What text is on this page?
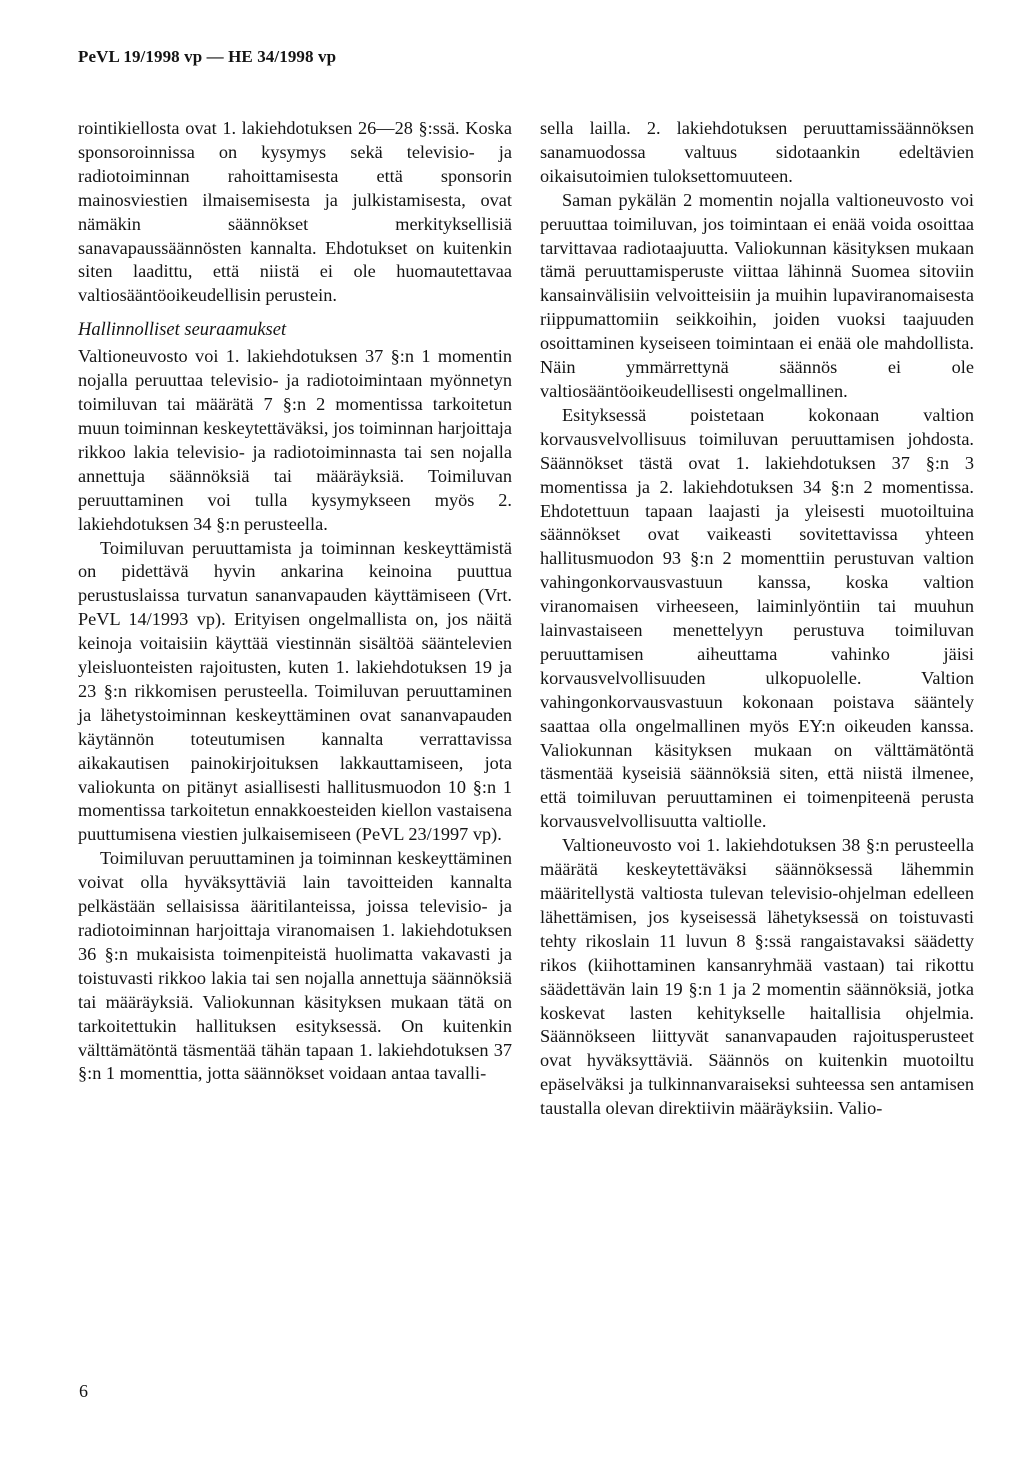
PeVL 19/1998 vp — HE 34/1998 vp

rointikiellosta ovat 1. lakiehdotuksen 26—28 §:ssä. Koska sponsoroinnissa on kysymys sekä televisio- ja radiotoiminnan rahoittamisesta että sponsorin mainosviestien ilmaisemisesta ja julkistamisesta, ovat nämäkin säännökset merkityksellisiä sanavapaussäännösten kannalta. Ehdotukset on kuitenkin siten laadittu, että niistä ei ole huomautettavaa valtiosääntöoikeudellisin perustein.

Hallinnolliset seuraamukset

Valtioneuvosto voi 1. lakiehdotuksen 37 §:n 1 momentin nojalla peruuttaa televisio- ja radiotoimintaan myönnetyn toimiluvan tai määrätä 7 §:n 2 momentissa tarkoitetun muun toiminnan keskeytettäväksi, jos toiminnan harjoittaja rikkoo lakia televisio- ja radiotoiminnasta tai sen nojalla annettuja säännöksiä tai määräyksiä. Toimiluvan peruuttaminen voi tulla kysymykseen myös 2. lakiehdotuksen 34 §:n perusteella.

Toimiluvan peruuttamista ja toiminnan keskeyttämistä on pidettävä hyvin ankarina keinoina puuttua perustuslaissa turvatun sananvapauden käyttämiseen (Vrt. PeVL 14/1993 vp). Erityisen ongelmallista on, jos näitä keinoja voitaisiin käyttää viestinnän sisältöä sääntelevien yleisluonteisten rajoitusten, kuten 1. lakiehdotuksen 19 ja 23 §:n rikkomisen perusteella. Toimiluvan peruuttaminen ja lähetystoiminnan keskeyttäminen ovat sananvapauden käytännön toteutumisen kannalta verrattavissa aikakautisen painokirjoituksen lakkauttamiseen, jota valiokunta on pitänyt asiallisesti hallitusmuodon 10 §:n 1 momentissa tarkoitetun ennakkoesteiden kiellon vastaisena puuttumisena viestien julkaisemiseen (PeVL 23/1997 vp).

Toimiluvan peruuttaminen ja toiminnan keskeyttäminen voivat olla hyväksyttäviä lain tavoitteiden kannalta pelkästään sellaisissa ääritilanteissa, joissa televisio- ja radiotoiminnan harjoittaja viranomaisen 1. lakiehdotuksen 36 §:n mukaisista toimenpiteistä huolimatta vakavasti ja toistuvasti rikkoo lakia tai sen nojalla annettuja säännöksiä tai määräyksiä. Valiokunnan käsityksen mukaan tätä on tarkoitettukin hallituksen esityksessä. On kuitenkin välttämätöntä täsmentää tähän tapaan 1. lakiehdotuksen 37 §:n 1 momenttia, jotta säännökset voidaan antaa tavalli-

sella lailla. 2. lakiehdotuksen peruuttamissäännöksen sanamuodossa valtuus sidotaankin edeltävien oikaisutoimien tuloksettomuuteen.

Saman pykälän 2 momentin nojalla valtioneuvosto voi peruuttaa toimiluvan, jos toimintaan ei enää voida osoittaa tarvittavaa radiotaajuutta. Valiokunnan käsityksen mukaan tämä peruuttamisperuste viittaa lähinnä Suomea sitoviin kansainvälisiin velvoitteisiin ja muihin lupaviranomaisesta riippumattomiin seikkoihin, joiden vuoksi taajuuden osoittaminen kyseiseen toimintaan ei enää ole mahdollista. Näin ymmärrettynä säännös ei ole valtiosääntöoikeudellisesti ongelmallinen.

Esityksessä poistetaan kokonaan valtion korvausvelvollisuus toimiluvan peruuttamisen johdosta. Säännökset tästä ovat 1. lakiehdotuksen 37 §:n 3 momentissa ja 2. lakiehdotuksen 34 §:n 2 momentissa. Ehdotettuun tapaan laajasti ja yleisesti muotoiltuina säännökset ovat vaikeasti sovitettavissa yhteen hallitusmuodon 93 §:n 2 momenttiin perustuvan valtion vahingonkorvausvastuun kanssa, koska valtion viranomaisen virheeseen, laiminlyöntiin tai muuhun lainvastaiseen menettelyyn perustuva toimiluvan peruuttamisen aiheuttama vahinko jäisi korvausvelvollisuuden ulkopuolelle. Valtion vahingonkorvausvastuun kokonaan poistava sääntely saattaa olla ongelmallinen myös EY:n oikeuden kanssa. Valiokunnan käsityksen mukaan on välttämätöntä täsmentää kyseisiä säännöksiä siten, että niistä ilmenee, että toimiluvan peruuttaminen ei toimenpiteenä perusta korvausvelvollisuutta valtiolle.

Valtioneuvosto voi 1. lakiehdotuksen 38 §:n perusteella määrätä keskeytettäväksi säännöksessä lähemmin määritellystä valtiosta tulevan televisio-ohjelman edelleen lähettämisen, jos kyseisessä lähetyksessä on toistuvasti tehty rikoslain 11 luvun 8 §:ssä rangaistavaksi säädetty rikos (kiihottaminen kansanryhmää vastaan) tai rikottu säädettävän lain 19 §:n 1 ja 2 momentin säännöksiä, jotka koskevat lasten kehitykselle haitallisia ohjelmia. Säännökseen liittyvät sananvapauden rajoitusperusteet ovat hyväksyttäviä. Säännös on kuitenkin muotoiltu epäselväksi ja tulkinnanvaraiseksi suhteessa sen antamisen taustalla olevan direktiivin määräyksiin. Valio-

6
